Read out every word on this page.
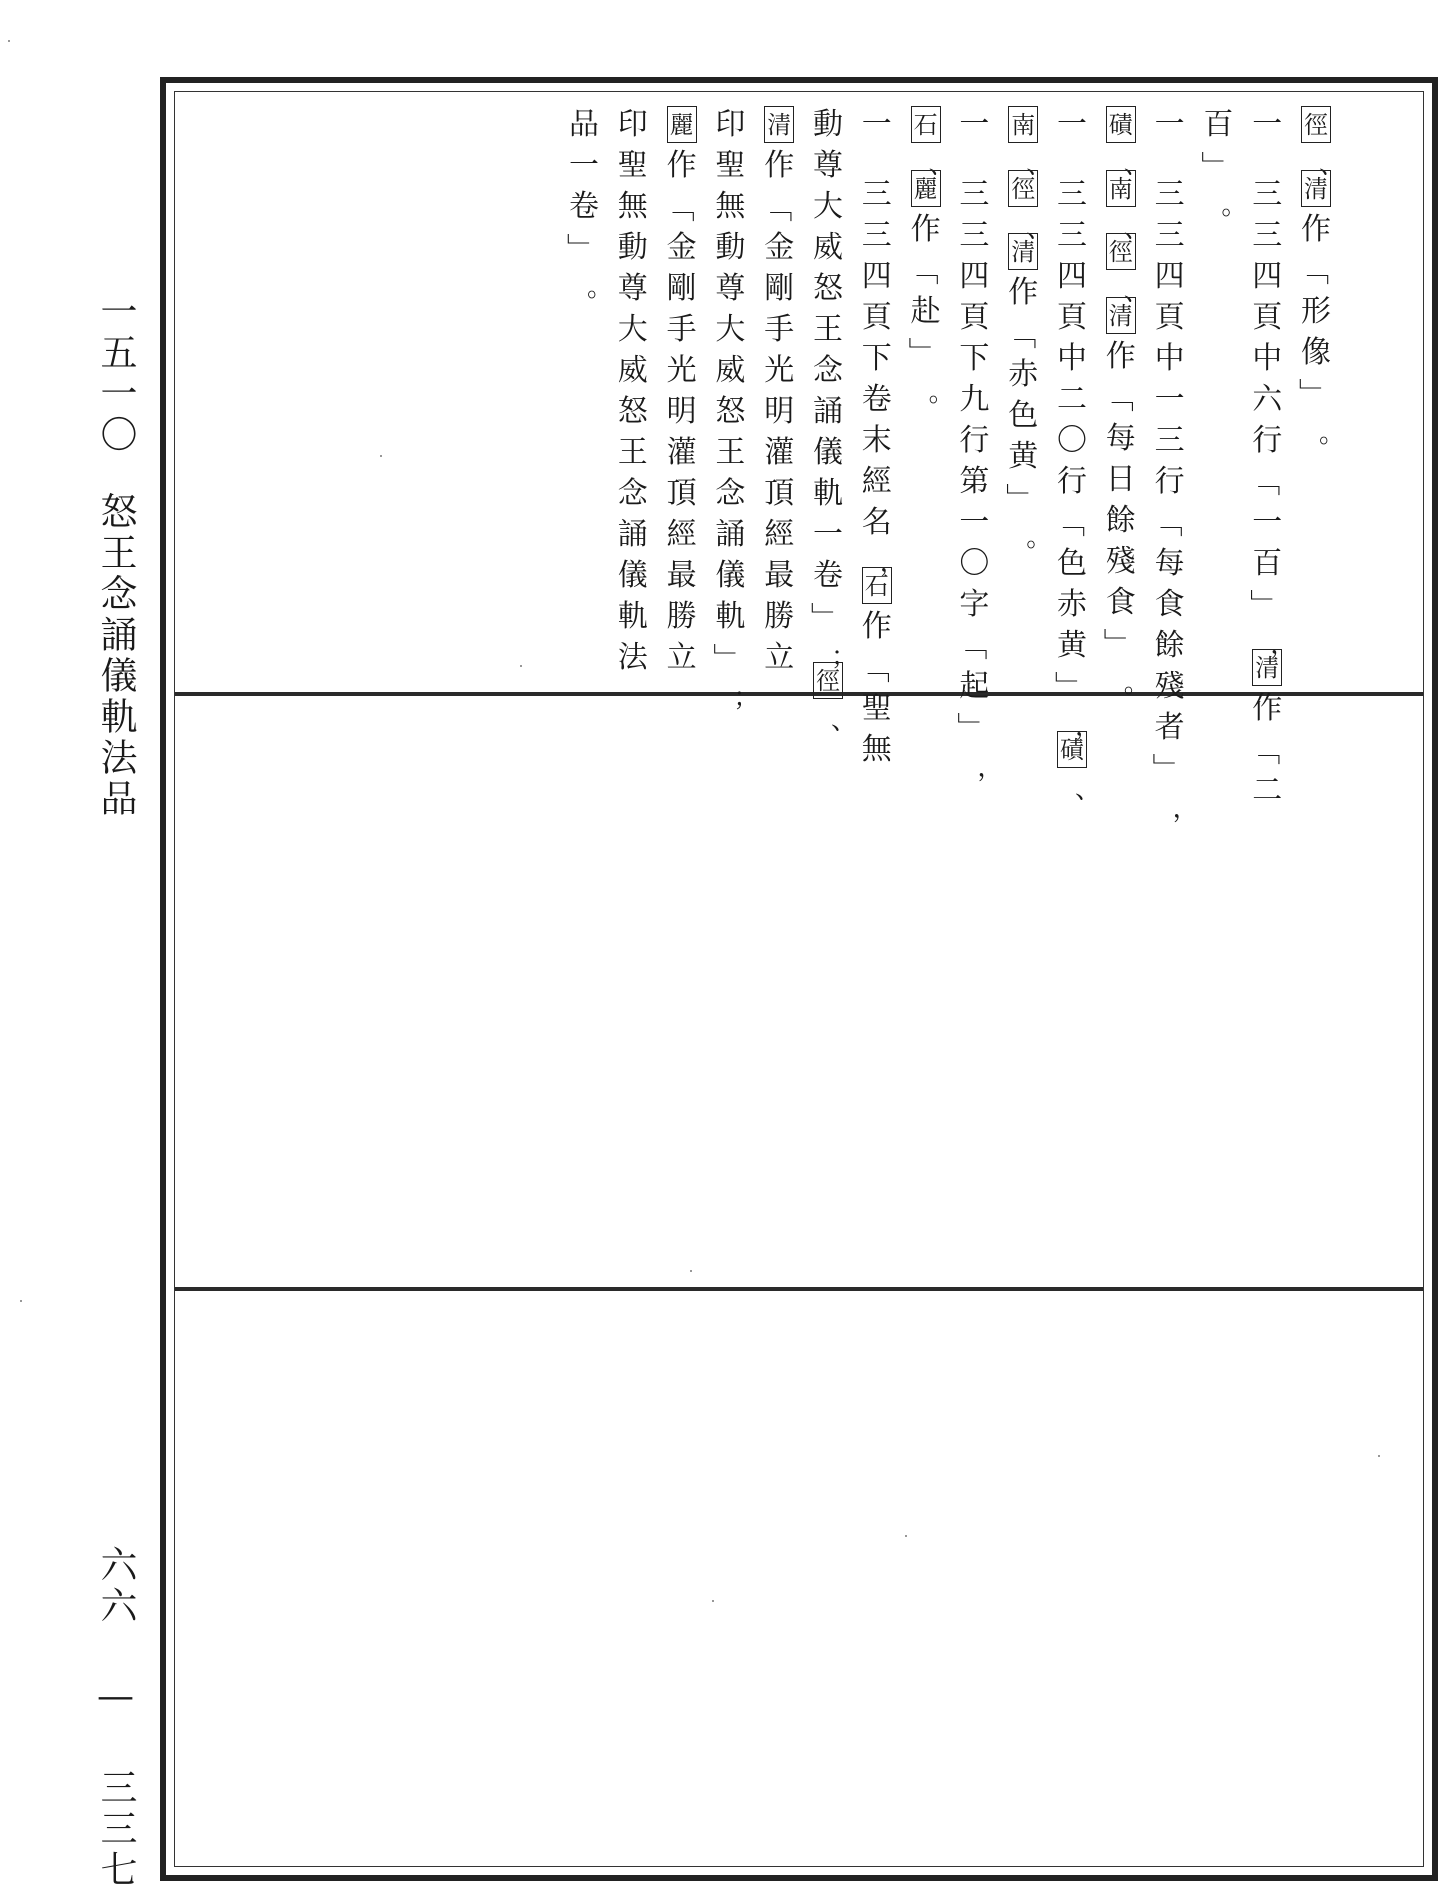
一五一〇怒王念誦儀軌法品

六六 — 三三七
徑
、
清
作
「
形
像
」
。
一
三
三
四
頁
中
六
行
「
一
百
」
，
清
作
「
二
百
」
。
一
三
三
四
頁
中
一
三
行
「
每
食
餘
殘
者
」
，
磧
、
南
、
徑
、
清
作
「
每
日
餘
殘
食
」
。
一
三
三
四
頁
中
二
〇
行
「
色
赤
黄
」
，
磧
、
南
、
徑
、
清
作
「
赤
色
黄
」
。
一
三
三
四
頁
下
九
行
第
一
〇
字
「
起
」
，
石
、
麗
作
「
赴
」
。
一
三
三
四
頁
下
卷
末
經
名
，
石
作
「
聖
無
動
尊
大
威
怒
王
念
誦
儀
軌
一
卷
」
；
徑
、
清
作
「
金
剛
手
光
明
灌
頂
經
最
勝
立
印
聖
無
動
尊
大
威
怒
王
念
誦
儀
軌
」
；
麗
作
「
金
剛
手
光
明
灌
頂
經
最
勝
立
印
聖
無
動
尊
大
威
怒
王
念
誦
儀
軌
法
品
一
卷
」
。
